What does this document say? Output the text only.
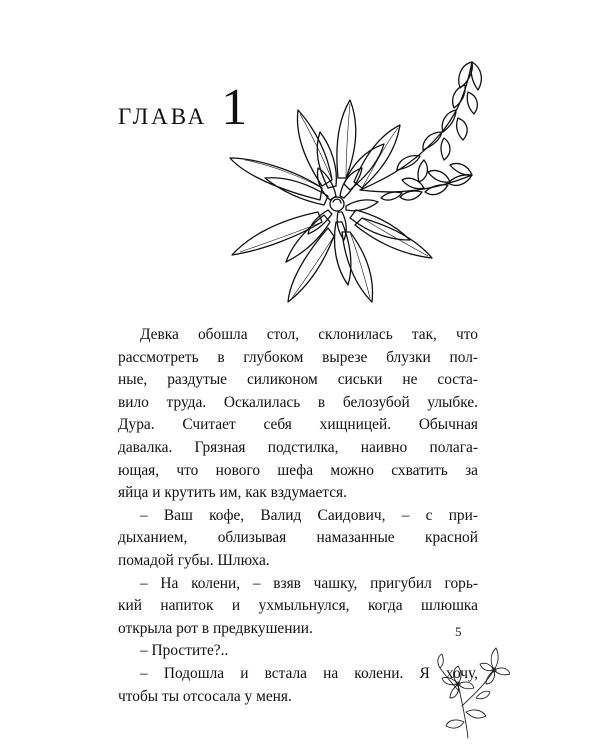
ГЛАВА 1
Девка обошла стол, склонилась так, что
рассмотреть в глубоком вырезе блузки пол-
ные, раздутые силиконом сиськи не соста-
вило труда. Оскалилась в белозубой улыбке.
Дура. Считает себя хищницей. Обычная
давалка. Грязная подстилка, наивно полага-
ющая, что нового шефа можно схватить за
яйца и крутить им, как вздумается.
– Ваш кофе, Валид Саидович, – с при-
дыханием, облизывая намазанные красной
помадой губы. Шлюха.
– На колени, – взяв чашку, пригубил горь-
кий напиток и ухмыльнулся, когда шлюшка
открыла рот в предвкушении.
– Простите?..
– Подошла и встала на колени. Я хочу,
чтобы ты отсосала у меня.
5
